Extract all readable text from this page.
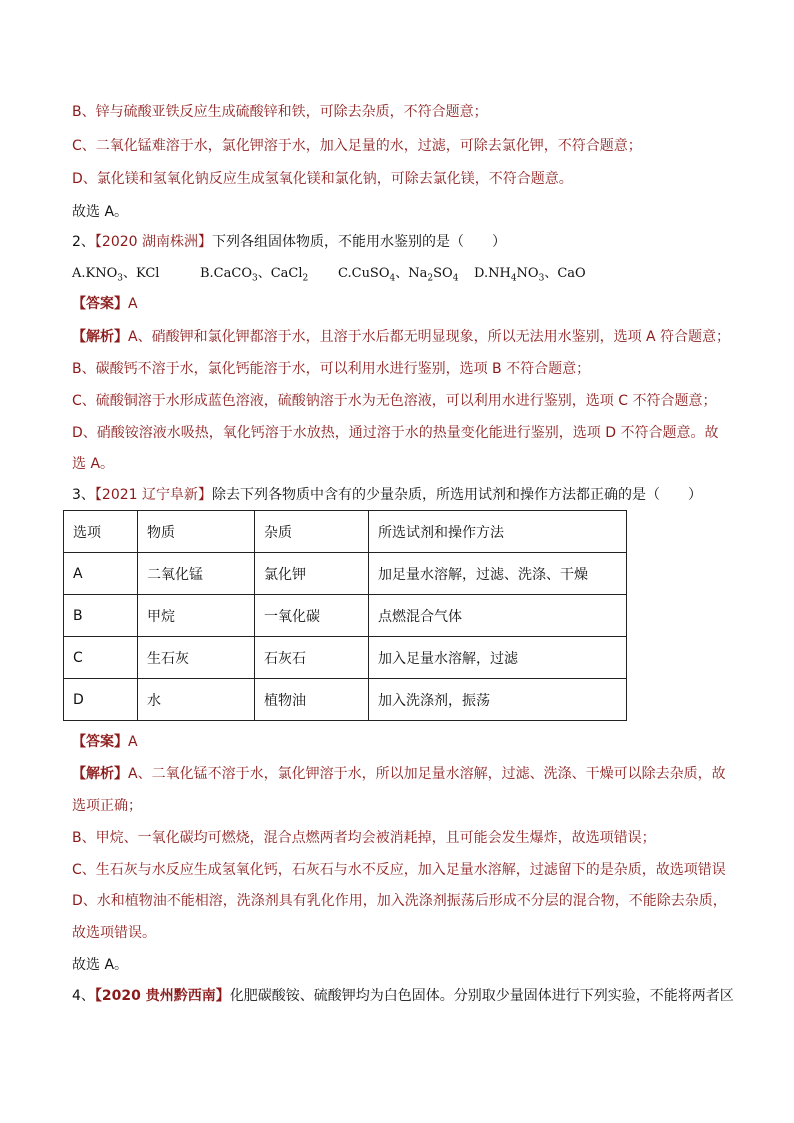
B、锌与硫酸亚铁反应生成硫酸锌和铁，可除去杂质，不符合题意；
C、二氧化锰难溶于水，氯化钾溶于水，加入足量的水，过滤，可除去氯化钾，不符合题意；
D、氯化镁和氢氧化钠反应生成氢氧化镁和氯化钠，可除去氯化镁，不符合题意。
故选 A。
2、【2020 湖南株洲】下列各组固体物质，不能用水鉴别的是（　　）
$A.KNO_3$、KCl	B.CaCO$_3$、CaCl$_2$ C.CuSO$_4$、$Na_2SO_4$ $D.NH_4NO_3$、CaO
【答案】A
【解析】A、硝酸钾和氯化钾都溶于水，且溶于水后都无明显现象，所以无法用水鉴别，选项 A 符合题意；
B、碳酸钙不溶于水，氯化钙能溶于水，可以利用水进行鉴别，选项 B 不符合题意；
C、硫酸铜溶于水形成蓝色溶液，硫酸钠溶于水为无色溶液，可以利用水进行鉴别，选项 C 不符合题意；
D、硝酸铵溶液水吸热，氧化钙溶于水放热，通过溶于水的热量变化能进行鉴别，选项 D 不符合题意。故
选 A。
3、【2021 辽宁阜新】除去下列各物质中含有的少量杂质，所选用试剂和操作方法都正确的是（　　）
选项	物质	杂质	所选试剂和操作方法
A	二氧化锰	氯化钾	加足量水溶解，过滤、洗涤、干燥
B	甲烷	一氧化碳	点燃混合气体
C	生石灰	石灰石	加入足量水溶解，过滤
D	水	植物油	加入洗涤剂，振荡
【答案】A
【解析】A、二氧化锰不溶于水，氯化钾溶于水，所以加足量水溶解，过滤、洗涤、干燥可以除去杂质，故
选项正确；
B、甲烷、一氧化碳均可燃烧，混合点燃两者均会被消耗掉，且可能会发生爆炸，故选项错误；
C、生石灰与水反应生成氢氧化钙，石灰石与水不反应，加入足量水溶解，过滤留下的是杂质，故选项错误
D、水和植物油不能相溶，洗涤剂具有乳化作用，加入洗涤剂振荡后形成不分层的混合物，不能除去杂质，
故选项错误。
故选 A。
4、【2020 贵州黔西南】化肥碳酸铵、硫酸钾均为白色固体。分别取少量固体进行下列实验，不能将两者区
